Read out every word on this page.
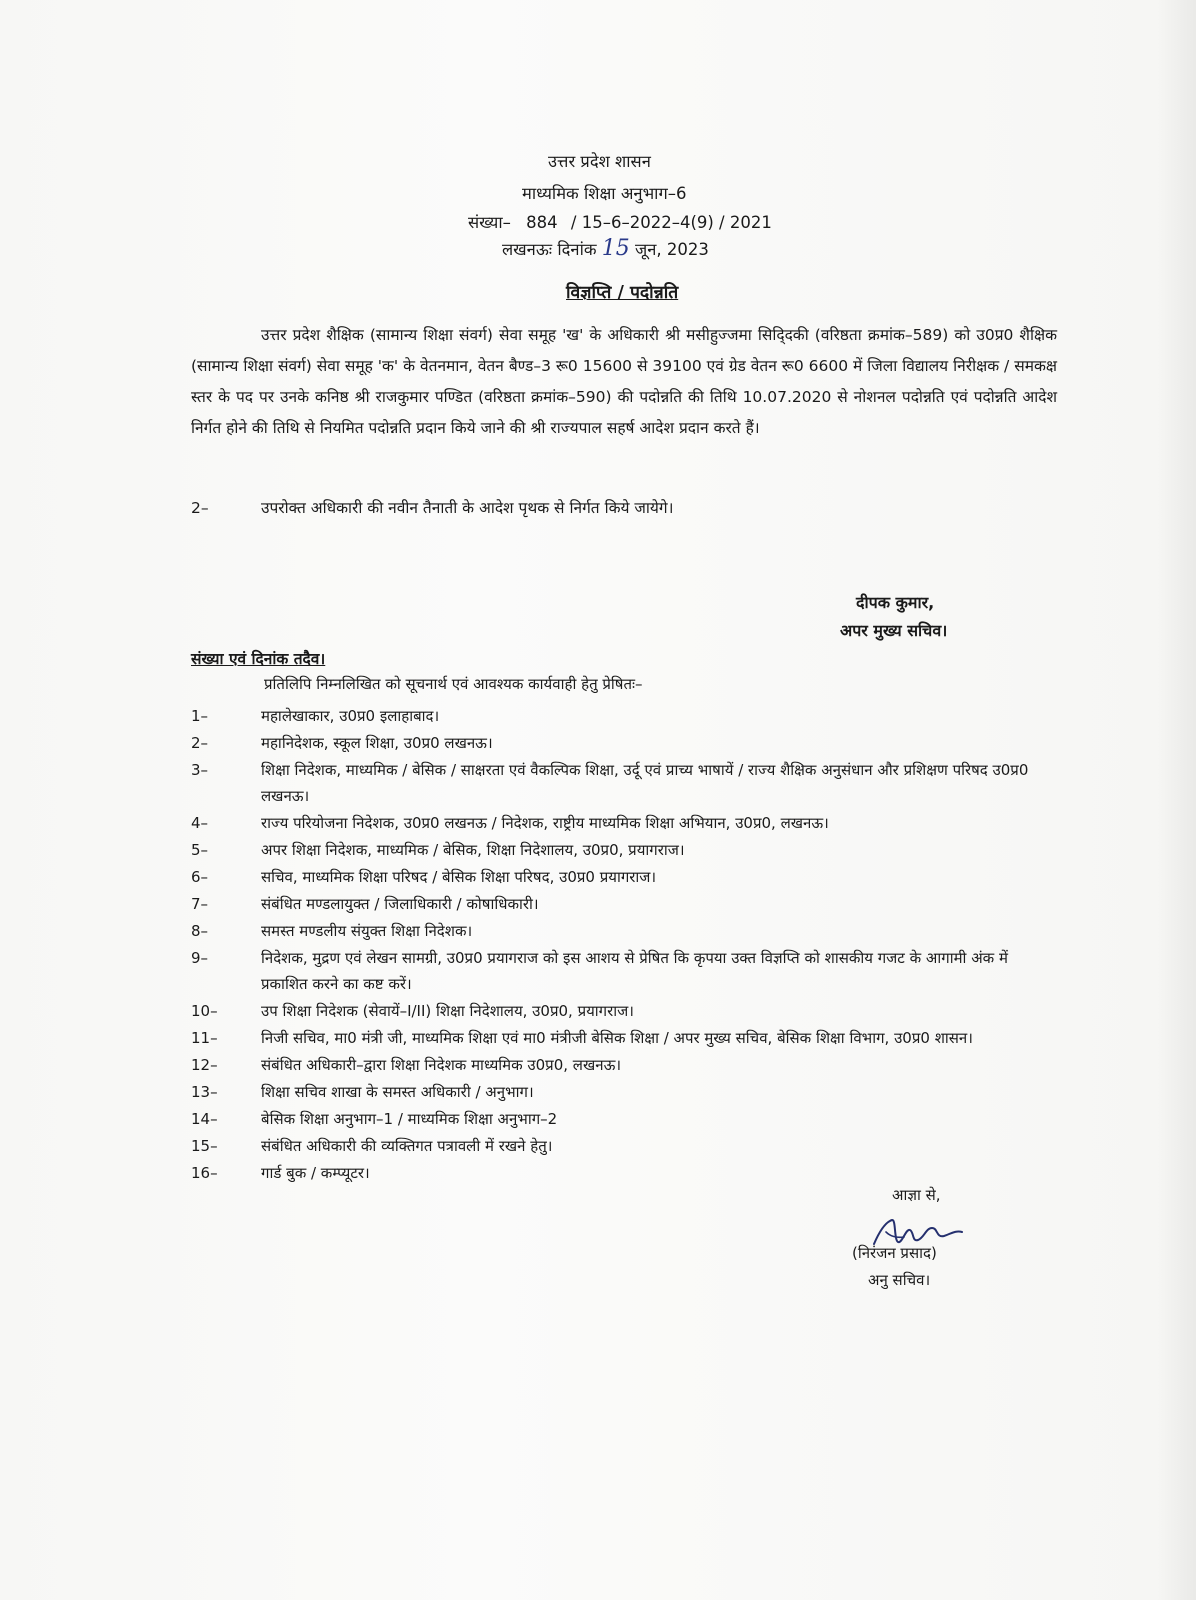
उत्तर प्रदेश शासन
माध्यमिक शिक्षा अनुभाग–6
संख्या– 884 / 15–6–2022–4(9) / 2021
लखनऊः दिनांक 15 जून, 2023
विज्ञप्ति / पदोन्नति
उत्तर प्रदेश शैक्षिक (सामान्य शिक्षा संवर्ग) सेवा समूह 'ख' के अधिकारी श्री मसीहुज्जमा सिदि्दकी (वरिष्ठता क्रमांक–589) को उ0प्र0 शैक्षिक (सामान्य शिक्षा संवर्ग) सेवा समूह 'क' के वेतनमान, वेतन बैण्ड–3 रू0 15600 से 39100 एवं ग्रेड वेतन रू0 6600 में जिला विद्यालय निरीक्षक / समकक्ष स्तर के पद पर उनके कनिष्ठ श्री राजकुमार पण्डित (वरिष्ठता क्रमांक–590) की पदोन्नति की तिथि 10.07.2020 से नोशनल पदोन्नति एवं पदोन्नति आदेश निर्गत होने की तिथि से नियमित पदोन्नति प्रदान किये जाने की श्री राज्यपाल सहर्ष आदेश प्रदान करते हैं।
2–	उपरोक्त अधिकारी की नवीन तैनाती के आदेश पृथक से निर्गत किये जायेगे।
दीपक कुमार,
अपर मुख्य सचिव।
संख्या एवं दिनांक तदैव।
प्रतिलिपि निम्नलिखित को सूचनार्थ एवं आवश्यक कार्यवाही हेतु प्रेषितः–
1–	महालेखाकार, उ0प्र0 इलाहाबाद।
2–	महानिदेशक, स्कूल शिक्षा, उ0प्र0 लखनऊ।
3–	शिक्षा निदेशक, माध्यमिक / बेसिक / साक्षरता एवं वैकल्पिक शिक्षा, उर्दू एवं प्राच्य भाषायें / राज्य शैक्षिक अनुसंधान और प्रशिक्षण परिषद उ0प्र0 लखनऊ।
4–	राज्य परियोजना निदेशक, उ0प्र0 लखनऊ / निदेशक, राष्ट्रीय माध्यमिक शिक्षा अभियान, उ0प्र0, लखनऊ।
5–	अपर शिक्षा निदेशक, माध्यमिक / बेसिक, शिक्षा निदेशालय, उ0प्र0, प्रयागराज।
6–	सचिव, माध्यमिक शिक्षा परिषद / बेसिक शिक्षा परिषद, उ0प्र0 प्रयागराज।
7–	संबंधित मण्डलायुक्त / जिलाधिकारी / कोषाधिकारी।
8–	समस्त मण्डलीय संयुक्त शिक्षा निदेशक।
9–	निदेशक, मुद्रण एवं लेखन सामग्री, उ0प्र0 प्रयागराज को इस आशय से प्रेषित कि कृपया उक्त विज्ञप्ति को शासकीय गजट के आगामी अंक में प्रकाशित करने का कष्ट करें।
10–	उप शिक्षा निदेशक (सेवायें–I/II) शिक्षा निदेशालय, उ0प्र0, प्रयागराज।
11–	निजी सचिव, मा0 मंत्री जी, माध्यमिक शिक्षा एवं मा0 मंत्रीजी बेसिक शिक्षा / अपर मुख्य सचिव, बेसिक शिक्षा विभाग, उ0प्र0 शासन।
12–	संबंधित अधिकारी–द्वारा शिक्षा निदेशक माध्यमिक उ0प्र0, लखनऊ।
13–	शिक्षा सचिव शाखा के समस्त अधिकारी / अनुभाग।
14–	बेसिक शिक्षा अनुभाग–1 / माध्यमिक शिक्षा अनुभाग–2
15–	संबंधित अधिकारी की व्यक्तिगत पत्रावली में रखने हेतु।
16–	गार्ड बुक / कम्प्यूटर।
आज्ञा से,
(निरंजन प्रसाद)
अनु सचिव।
